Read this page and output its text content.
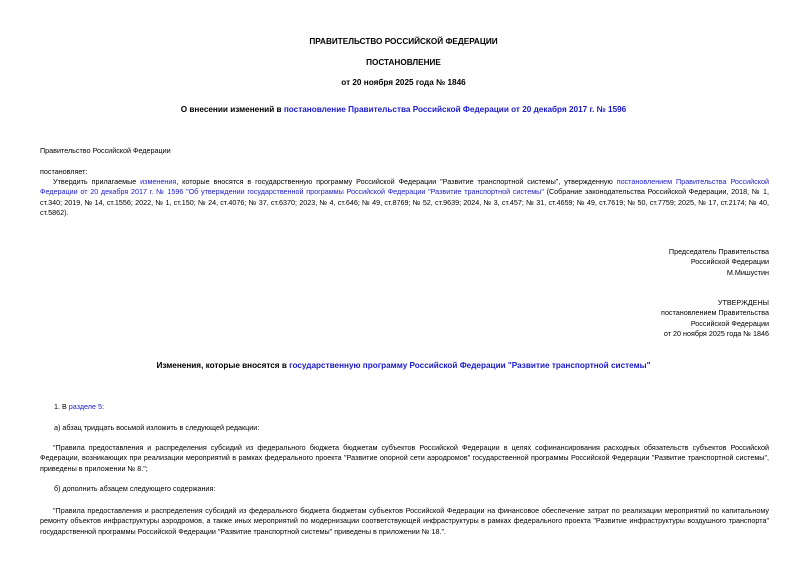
ПРАВИТЕЛЬСТВО РОССИЙСКОЙ ФЕДЕРАЦИИ
ПОСТАНОВЛЕНИЕ
от 20 ноября 2025 года № 1846
О внесении изменений в постановление Правительства Российской Федерации от 20 декабря 2017 г. № 1596
Правительство Российской Федерации
постановляет:
Утвердить прилагаемые изменения, которые вносятся в государственную программу Российской Федерации "Развитие транспортной системы", утвержденную постановлением Правительства Российской Федерации от 20 декабря 2017 г. № 1596 "Об утверждении государственной программы Российской Федерации "Развитие транспортной системы" (Собрание законодательства Российской Федерации, 2018, № 1, ст.340; 2019, № 14, ст.1556; 2022, № 1, ст.150; № 24, ст.4076; № 37, ст.6370; 2023, № 4, ст.646; № 49, ст.8769; № 52, ст.9639; 2024, № 3, ст.457; № 31, ст.4659; № 49, ст.7619; № 50, ст.7759; 2025, № 17, ст.2174; № 40, ст.5862).
Председатель Правительства
Российской Федерации
М.Мишустин
УТВЕРЖДЕНЫ
постановлением Правительства
Российской Федерации
от 20 ноября 2025 года № 1846
Изменения, которые вносятся в государственную программу Российской Федерации "Развитие транспортной системы"
1. В разделе 5:
а) абзац тридцать восьмой изложить в следующей редакции:
"Правила предоставления и распределения субсидий из федерального бюджета бюджетам субъектов Российской Федерации в целях софинансирования расходных обязательств субъектов Российской Федерации, возникающих при реализации мероприятий в рамках федерального проекта "Развитие опорной сети аэродромов" государственной программы Российской Федерации "Развитие транспортной системы", приведены в приложении № 8.";
б) дополнить абзацем следующего содержания:
"Правила предоставления и распределения субсидий из федерального бюджета бюджетам субъектов Российской Федерации на финансовое обеспечение затрат по реализации мероприятий по капитальному ремонту объектов инфраструктуры аэродромов, а также иных мероприятий по модернизации соответствующей инфраструктуры в рамках федерального проекта "Развитие инфраструктуры воздушного транспорта" государственной программы Российской Федерации "Развитие транспортной системы" приведены в приложении № 18.".
